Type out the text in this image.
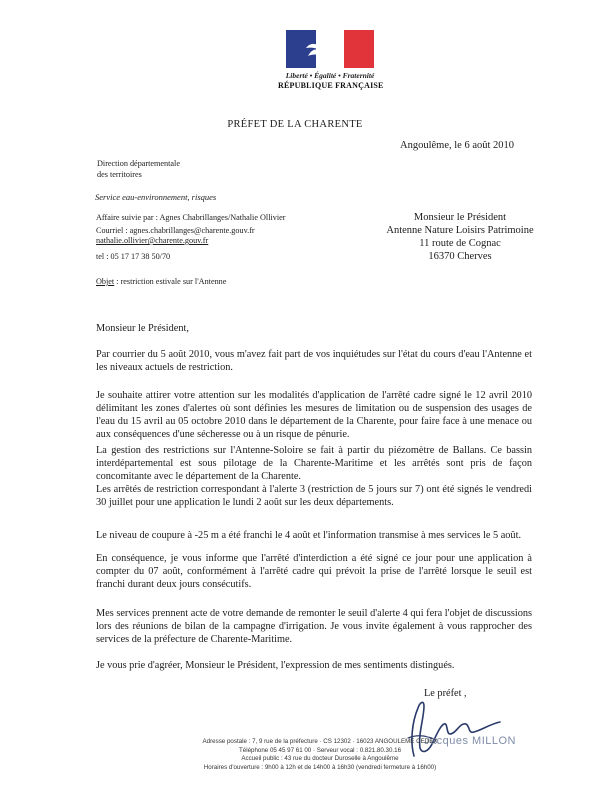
Liberté • Égalité • Fraternité
RÉPUBLIQUE FRANÇAISE
PRÉFET DE LA CHARENTE
Angoulême, le 6 août 2010
Direction départementale
des territoires
Service eau-environnement, risques
Affaire suivie par : Agnes Chabrillanges/Nathalie Ollivier
Courriel : agnes.chabrillanges@charente.gouv.fr
nathalie.ollivier@charente.gouv.fr
tel : 05 17 17 38 50/70
Objet : restriction estivale sur l'Antenne
Monsieur le Président
Antenne Nature Loisirs Patrimoine
11 route de Cognac
16370 Cherves
Monsieur le Président,

Par courrier du 5 août 2010, vous m'avez fait part de vos inquiétudes sur l'état du cours d'eau l'Antenne et les niveaux actuels de restriction.

Je souhaite attirer votre attention sur les modalités d'application de l'arrêté cadre signé le 12 avril 2010 délimitant les zones d'alertes où sont définies les mesures de limitation ou de suspension des usages de l'eau du 15 avril au 05 octobre 2010 dans le département de la Charente, pour faire face à une menace ou aux conséquences d'une sécheresse ou à un risque de pénurie.

La gestion des restrictions sur l'Antenne-Soloire se fait à partir du piézomètre de Ballans. Ce bassin interdépartemental est sous pilotage de la Charente-Maritime et les arrêtés sont pris de façon concomitante avec le département de la Charente.

Les arrêtés de restriction correspondant à l'alerte 3 (restriction de 5 jours sur 7) ont été signés le vendredi 30 juillet pour une application le lundi 2 août sur les deux départements.

Le niveau de coupure à -25 m a été franchi le 4 août et l'information transmise à mes services le 5 août.

En conséquence, je vous informe que l'arrêté d'interdiction a été signé ce jour pour une application à compter du 07 août, conformément à l'arrêté cadre qui prévoit la prise de l'arrêté lorsque le seuil est franchi durant deux jours consécutifs.

Mes services prennent acte de votre demande de remonter le seuil d'alerte 4 qui fera l'objet de discussions lors des réunions de bilan de la campagne d'irrigation. Je vous invite également à vous rapprocher des services de la préfecture de Charente-Maritime.

Je vous prie d'agréer, Monsieur le Président, l'expression de mes sentiments distingués.

Le préfet ,
Jacques MILLON
Adresse postale : 7, 9 rue de la préfecture · CS 12302 · 16023 ANGOULEME CEDEX
Téléphone 05 45 97 61 00 · Serveur vocal : 0.821.80.30.16
Accueil public : 43 rue du docteur Duroselle à Angoulême
Horaires d'ouverture : 9h00 à 12h et de 14h00 à 16h30 (vendredi fermeture à 16h00)
